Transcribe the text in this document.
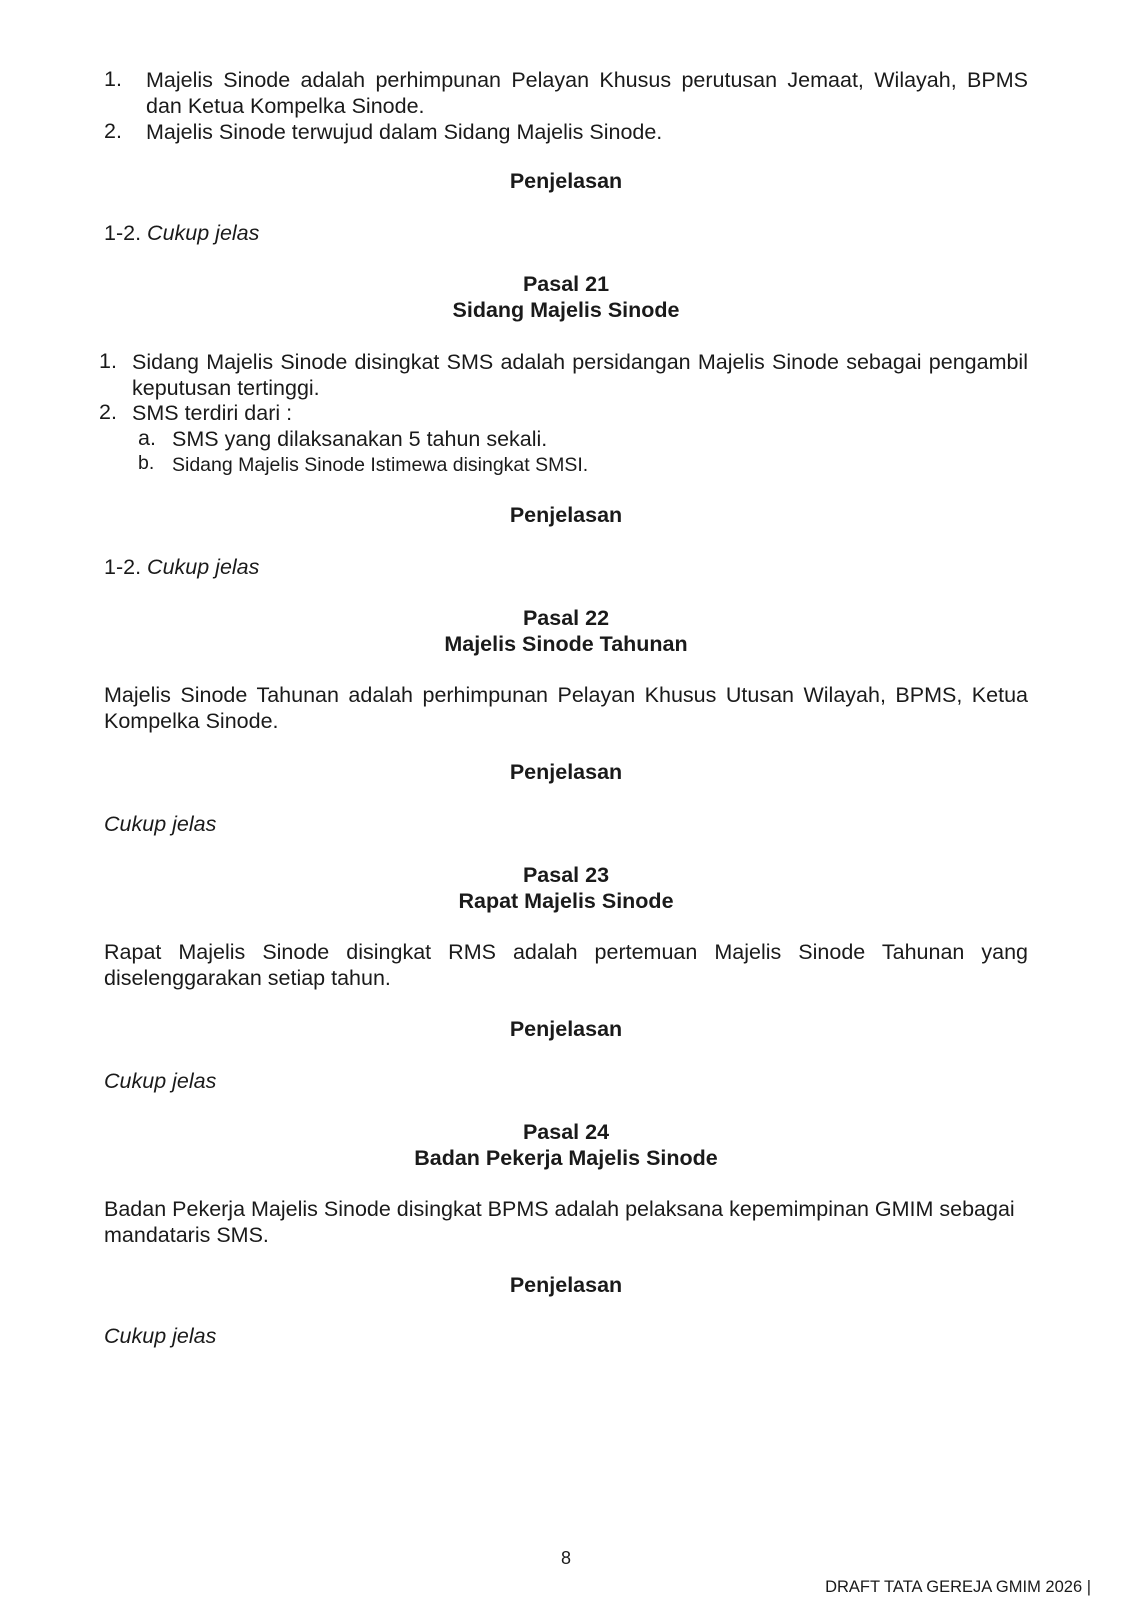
1. Majelis Sinode adalah perhimpunan Pelayan Khusus perutusan Jemaat, Wilayah, BPMS dan Ketua Kompelka Sinode.
2. Majelis Sinode terwujud dalam Sidang Majelis Sinode.
Penjelasan
1-2. Cukup jelas
Pasal 21
Sidang Majelis Sinode
1. Sidang Majelis Sinode disingkat SMS adalah persidangan Majelis Sinode sebagai pengambil keputusan tertinggi.
2. SMS terdiri dari :
a. SMS yang dilaksanakan 5 tahun sekali.
b. Sidang Majelis Sinode Istimewa disingkat SMSI.
Penjelasan
1-2. Cukup jelas
Pasal 22
Majelis Sinode Tahunan
Majelis Sinode Tahunan adalah perhimpunan Pelayan Khusus Utusan Wilayah, BPMS, Ketua Kompelka Sinode.
Penjelasan
Cukup jelas
Pasal 23
Rapat Majelis Sinode
Rapat Majelis Sinode disingkat RMS adalah pertemuan Majelis Sinode Tahunan yang diselenggarakan setiap tahun.
Penjelasan
Cukup jelas
Pasal 24
Badan Pekerja Majelis Sinode
Badan Pekerja Majelis Sinode disingkat BPMS adalah pelaksana kepemimpinan GMIM sebagai mandataris SMS.
Penjelasan
Cukup jelas
8
DRAFT TATA GEREJA GMIM 2026 |
